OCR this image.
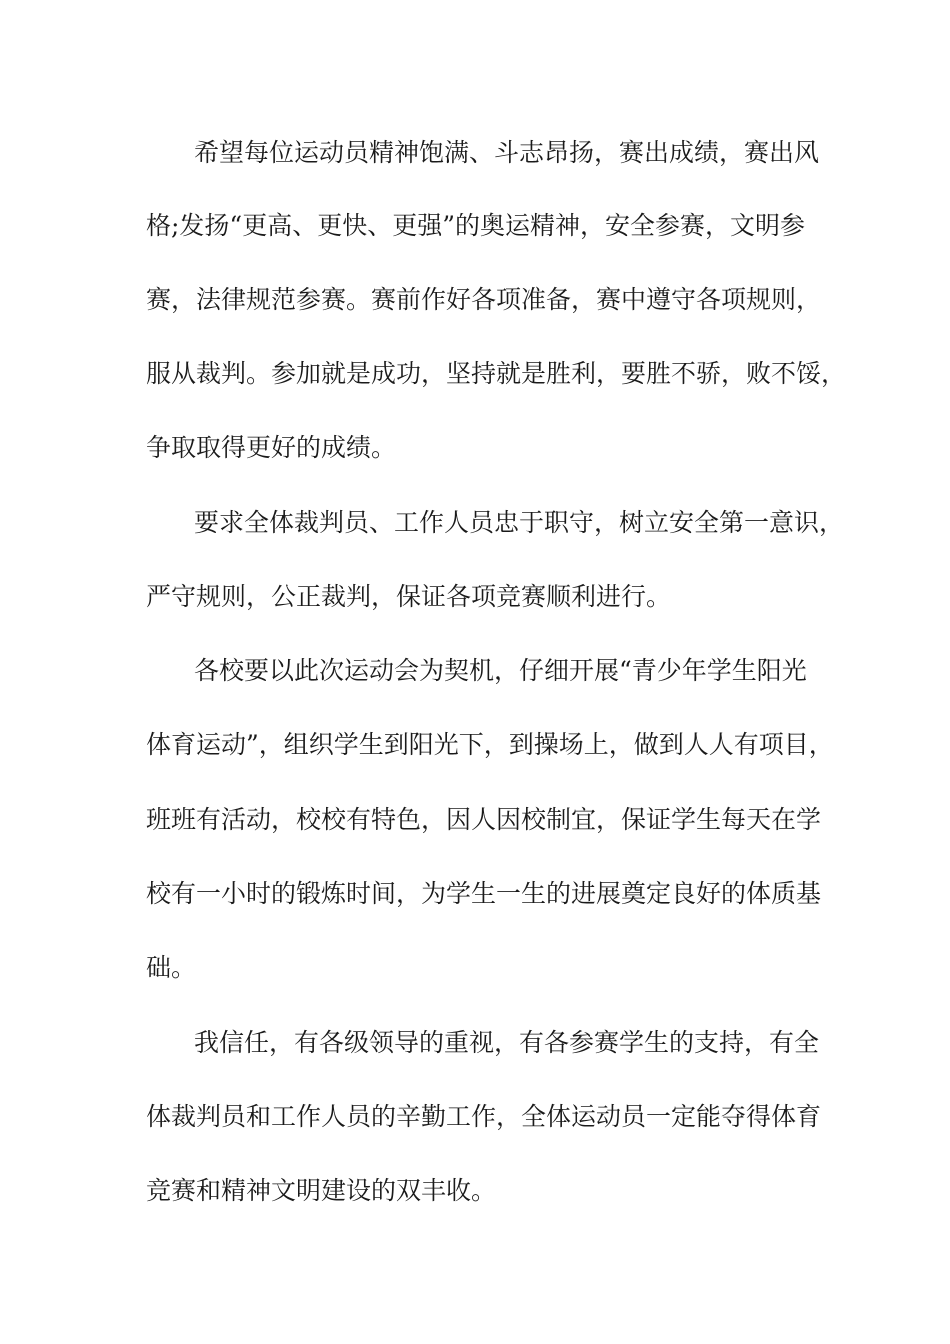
希望每位运动员精神饱满、斗志昂扬，赛出成绩，赛出风
格;发扬“更高、更快、更强”的奥运精神，安全参赛，文明参
赛，法律规范参赛。赛前作好各项准备，赛中遵守各项规则，
服从裁判。参加就是成功，坚持就是胜利，要胜不骄，败不馁，
争取取得更好的成绩。
要求全体裁判员、工作人员忠于职守，树立安全第一意识，
严守规则，公正裁判，保证各项竞赛顺利进行。
各校要以此次运动会为契机，仔细开展“青少年学生阳光
体育运动”，组织学生到阳光下，到操场上，做到人人有项目，
班班有活动，校校有特色，因人因校制宜，保证学生每天在学
校有一小时的锻炼时间，为学生一生的进展奠定良好的体质基
础。
我信任，有各级领导的重视，有各参赛学生的支持，有全
体裁判员和工作人员的辛勤工作，全体运动员一定能夺得体育
竞赛和精神文明建设的双丰收。
